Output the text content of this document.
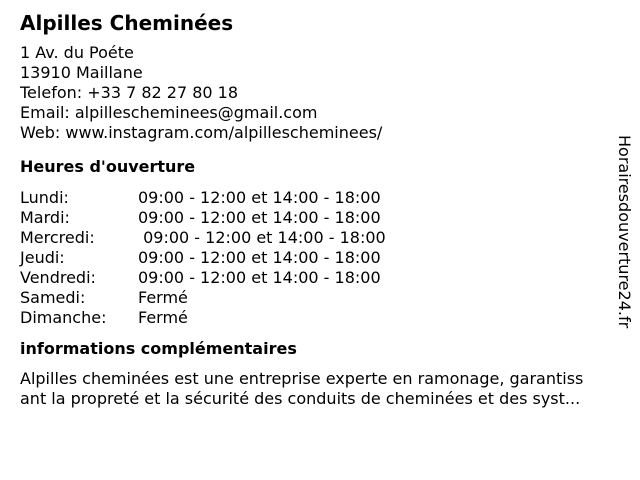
Alpilles Cheminées
1 Av. du Poéte
13910 Maillane
Telefon: +33 7 82 27 80 18
Email: alpillescheminees@gmail.com
Web: www.instagram.com/alpillescheminees/
Heures d'ouverture
Lundi:	09:00 - 12:00 et 14:00 - 18:00
Mardi:	09:00 - 12:00 et 14:00 - 18:00
Mercredi:	09:00 - 12:00 et 14:00 - 18:00
Jeudi:	09:00 - 12:00 et 14:00 - 18:00
Vendredi:	09:00 - 12:00 et 14:00 - 18:00
Samedi:	Fermé
Dimanche:	Fermé
informations complémentaires
Alpilles cheminées est une entreprise experte en ramonage, garantiss
ant la propreté et la sécurité des conduits de cheminées et des syst...
Horairesdouverture24.fr
